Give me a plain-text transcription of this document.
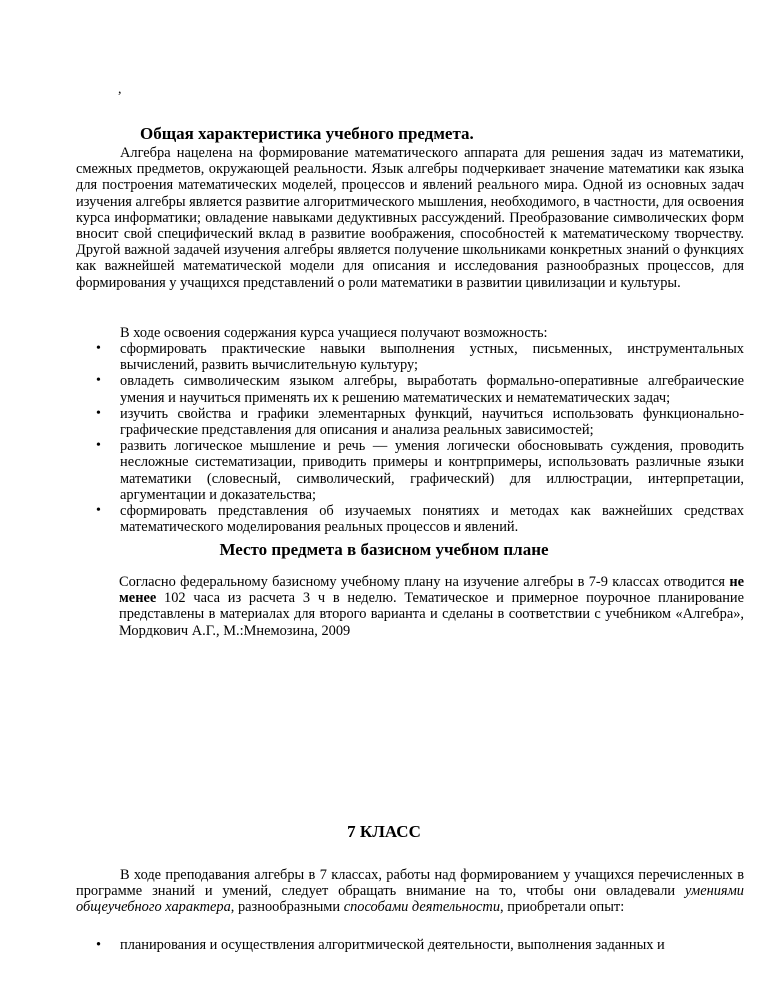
,
Общая характеристика учебного предмета.

Алгебра нацелена на формирование математического аппарата для решения задач из математики, смежных предметов, окружающей реальности. Язык алгебры подчеркивает значение математики как языка для построения математических моделей, процессов и явлений реального мира. Одной из основных задач изучения алгебры является развитие алгоритмического мышления, необходимого, в частности, для освоения курса информатики; овладение навыками дедуктивных рассуждений. Преобразование символических форм вносит свой специфический вклад в развитие воображения, способностей к математическому творчеству. Другой важной задачей изучения алгебры является получение школьниками конкретных знаний о функциях как важнейшей математической модели для описания и исследования разнообразных процессов, для формирования у учащихся представлений о роли математики в развитии цивилизации и культуры.

В ходе освоения содержания курса учащиеся получают возможность:

• сформировать практические навыки выполнения устных, письменных, инструментальных вычислений, развить вычислительную культуру;
• овладеть символическим языком алгебры, выработать формально-оперативные алгебраические умения и научиться применять их к решению математических и нематематических задач;
• изучить свойства и графики элементарных функций, научиться использовать функционально-графические представления для описания и анализа реальных зависимостей;
• развить логическое мышление и речь — умения логически обосновывать суждения, проводить несложные систематизации, приводить примеры и контрпримеры, использовать различные языки математики (словесный, символический, графический) для иллюстрации, интерпретации, аргументации и доказательства;
• сформировать представления об изучаемых понятиях и методах как важнейших средствах математического моделирования реальных процессов и явлений.
Место предмета в базисном учебном плане

Согласно федеральному базисному учебному плану на изучение алгебры в 7-9 классах отводится не менее 102 часа из расчета 3 ч в неделю. Тематическое и примерное поурочное планирование представлены в материалах для второго варианта и сделаны в соответствии с учебником «Алгебра», Мордкович А.Г., М.:Мнемозина, 2009

7 КЛАСС

В ходе преподавания алгебры в 7 классах, работы над формированием у учащихся перечисленных в программе знаний и умений, следует обращать внимание на то, чтобы они овладевали умениями общеучебного характера, разнообразными способами деятельности, приобретали опыт:

• планирования и осуществления алгоритмической деятельности, выполнения заданных и
